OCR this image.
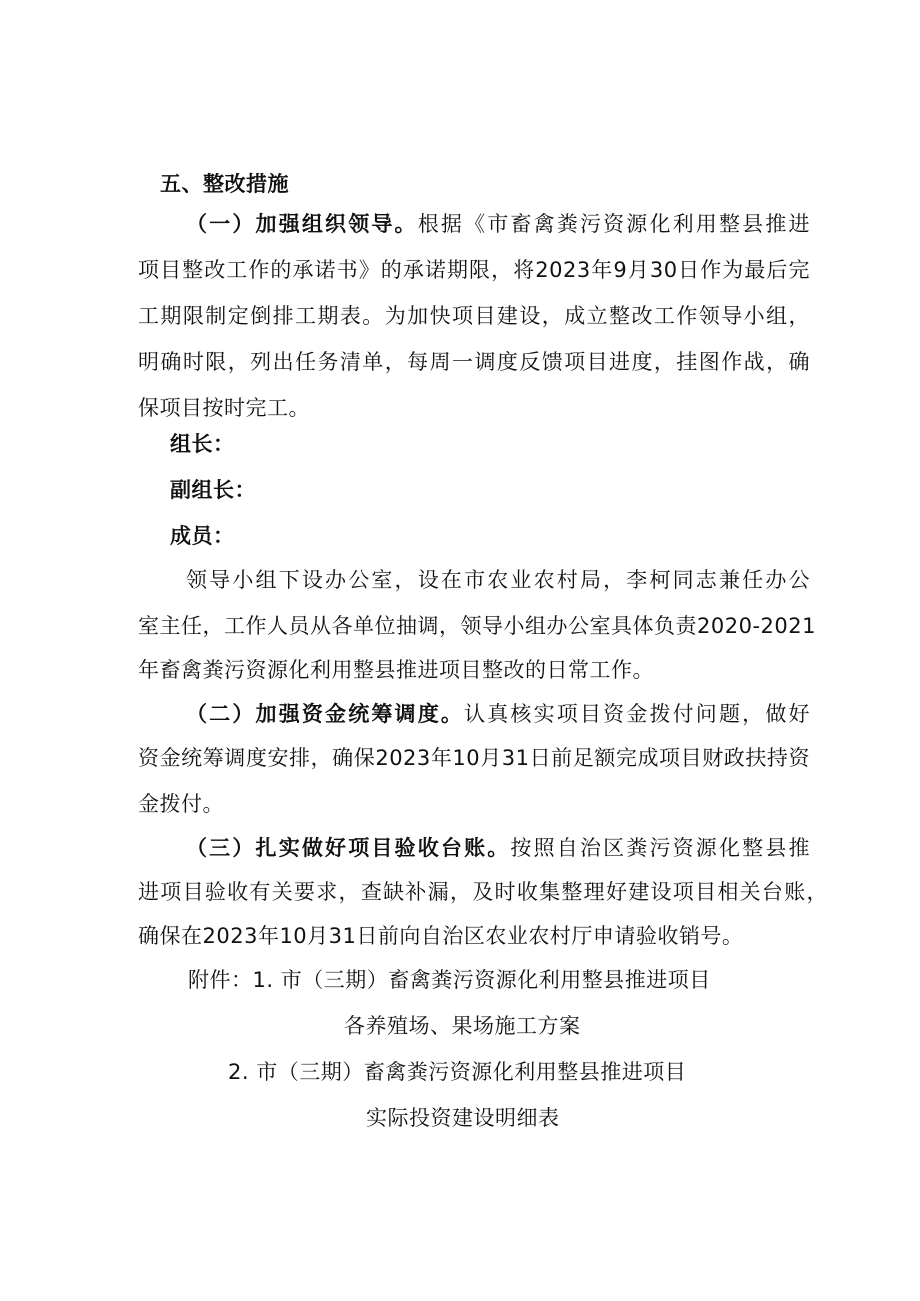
五、整改措施
（一）加强组织领导。根据《市畜禽粪污资源化利用整县推进
项目整改工作的承诺书》的承诺期限，将2023年9月30日作为最后完
工期限制定倒排工期表。为加快项目建设，成立整改工作领导小组，
明确时限，列出任务清单，每周一调度反馈项目进度，挂图作战，确
保项目按时完工。
组长：
副组长：
成员：
领导小组下设办公室，设在市农业农村局，李柯同志兼任办公
室主任，工作人员从各单位抽调，领导小组办公室具体负责2020-2021
年畜禽粪污资源化利用整县推进项目整改的日常工作。
（二）加强资金统筹调度。认真核实项目资金拨付问题，做好
资金统筹调度安排，确保2023年10月31日前足额完成项目财政扶持资
金拨付。
（三）扎实做好项目验收台账。按照自治区粪污资源化整县推
进项目验收有关要求，查缺补漏，及时收集整理好建设项目相关台账，
确保在2023年10月31日前向自治区农业农村厅申请验收销号。
附件：1. 市（三期）畜禽粪污资源化利用整县推进项目
各养殖场、果场施工方案
2. 市（三期）畜禽粪污资源化利用整县推进项目
实际投资建设明细表
